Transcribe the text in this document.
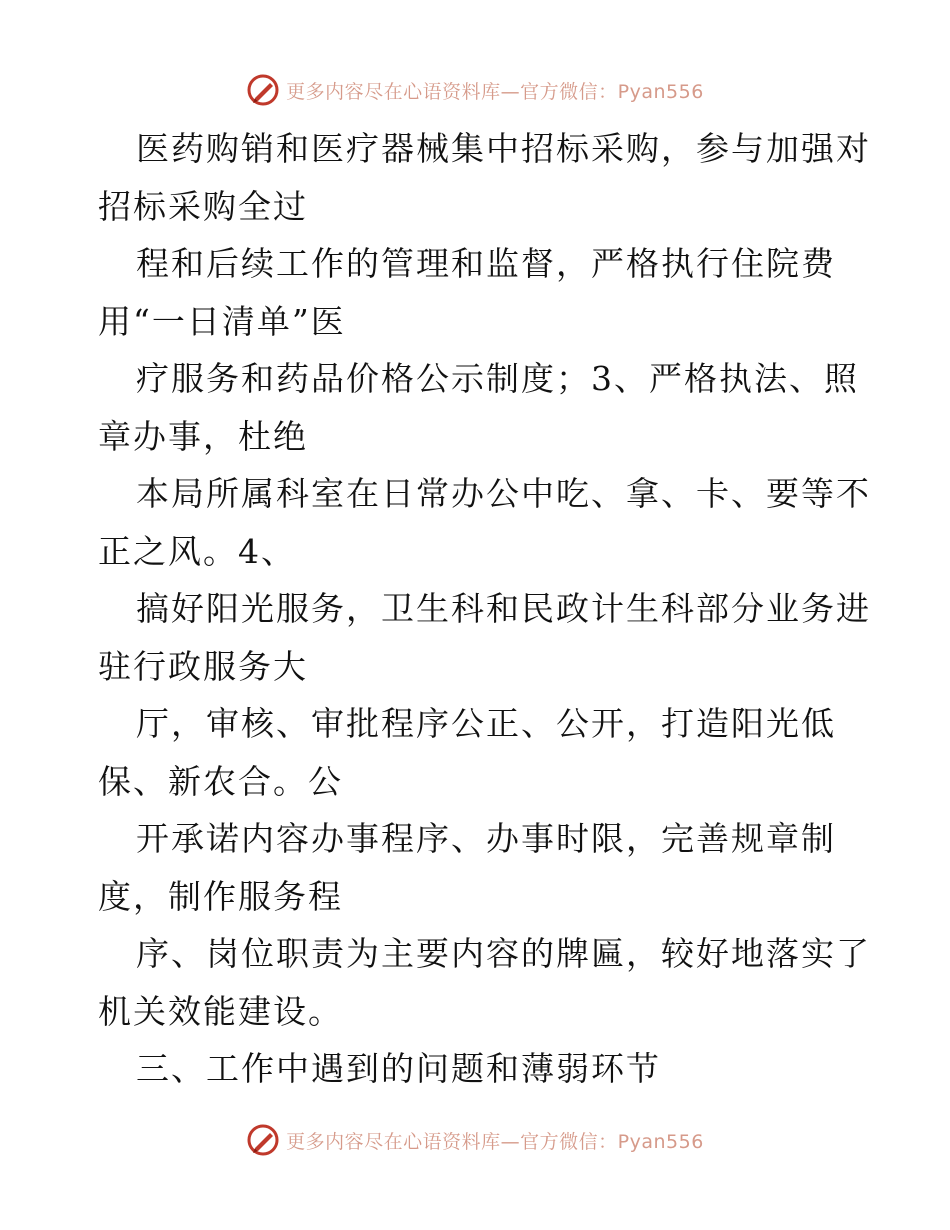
更多内容尽在心语资料库—官方微信：Pyan556
医药购销和医疗器械集中招标采购，参与加强对
招标采购全过
程和后续工作的管理和监督，严格执行住院费
用“一日清单”医
疗服务和药品价格公示制度；3、严格执法、照
章办事，杜绝
本局所属科室在日常办公中吃、拿、卡、要等不
正之风。4、
搞好阳光服务，卫生科和民政计生科部分业务进
驻行政服务大
厅，审核、审批程序公正、公开，打造阳光低
保、新农合。公
开承诺内容办事程序、办事时限，完善规章制
度，制作服务程
序、岗位职责为主要内容的牌匾，较好地落实了
机关效能建设。
三、工作中遇到的问题和薄弱环节
更多内容尽在心语资料库—官方微信：Pyan556
